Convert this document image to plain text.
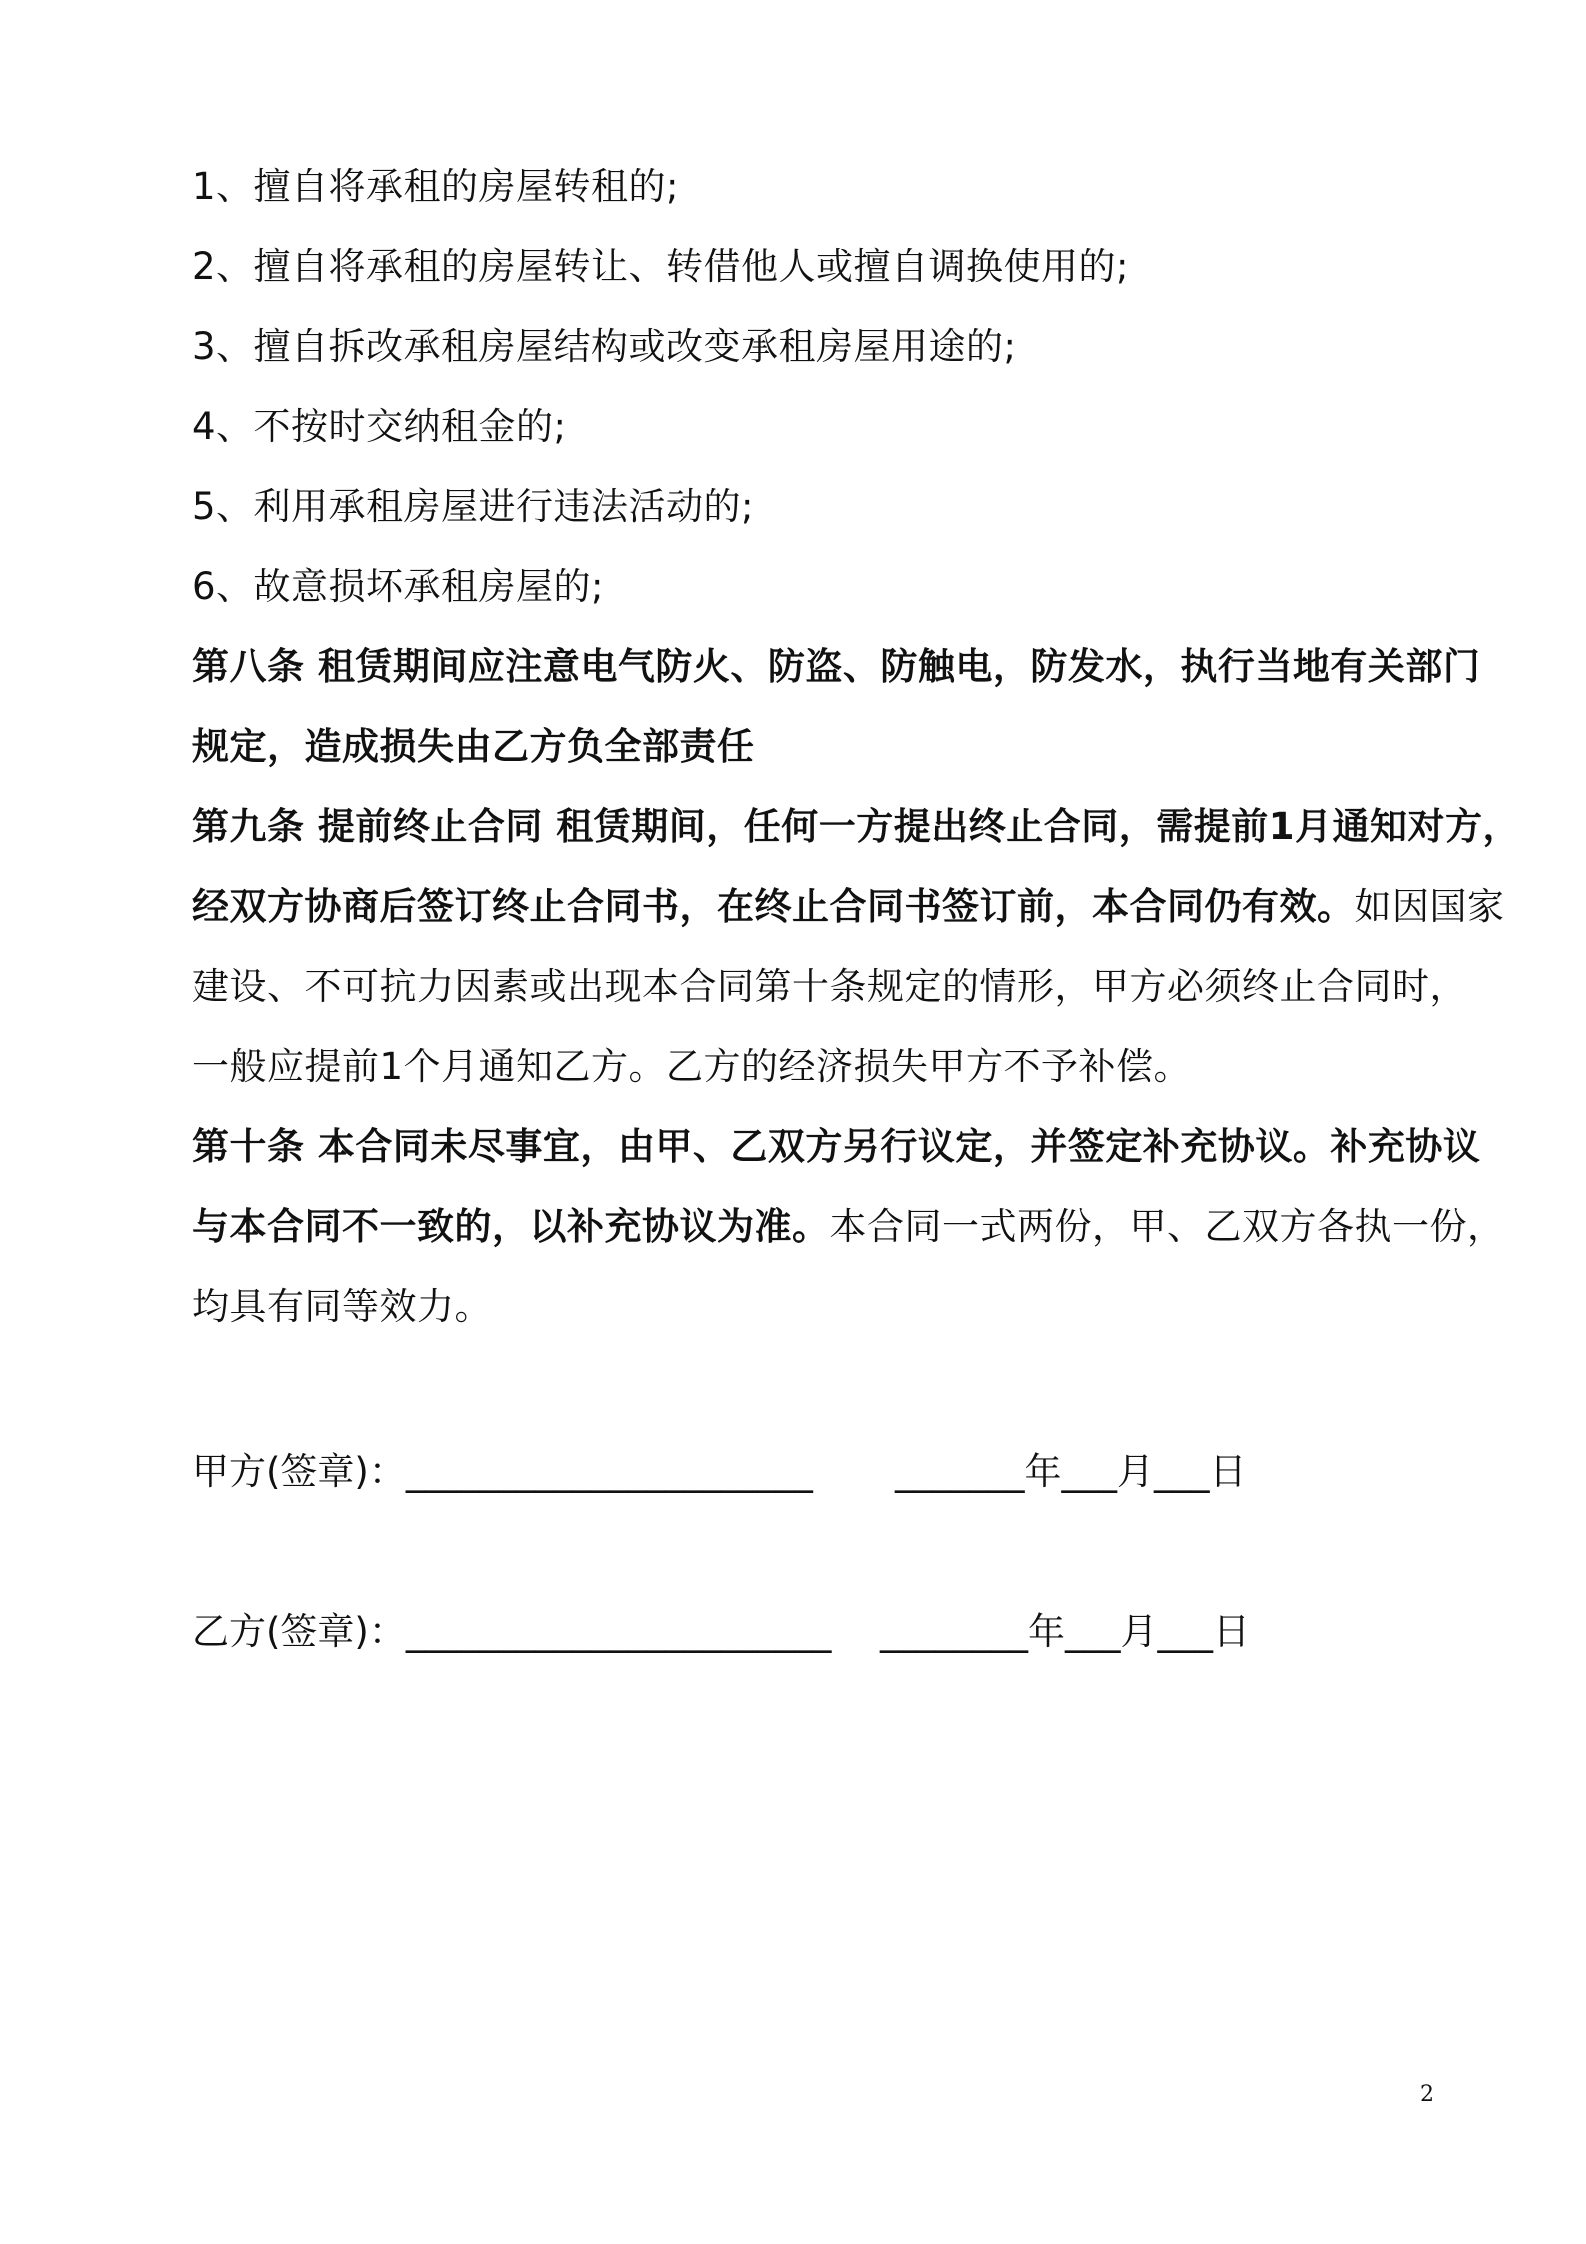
1、擅自将承租的房屋转租的;
2、擅自将承租的房屋转让、转借他人或擅自调换使用的;
3、擅自拆改承租房屋结构或改变承租房屋用途的;
4、不按时交纳租金的;
5、利用承租房屋进行违法活动的;
6、故意损坏承租房屋的;
第八条 租赁期间应注意电气防火、防盗、防触电，防发水，执行当地有关部门
规定，造成损失由乙方负全部责任
第九条 提前终止合同 租赁期间，任何一方提出终止合同，需提前1月通知对方，
经双方协商后签订终止合同书，在终止合同书签订前，本合同仍有效。如因国家
建设、不可抗力因素或出现本合同第十条规定的情形，甲方必须终止合同时，
一般应提前1个月通知乙方。乙方的经济损失甲方不予补偿。
第十条 本合同未尽事宜，由甲、乙双方另行议定，并签定补充协议。补充协议
与本合同不一致的，以补充协议为准。本合同一式两份，甲、乙双方各执一份，
均具有同等效力。
甲方(签章)：______________________ _______年___月___日
乙方(签章)：_______________________ ________年___月___日
2
